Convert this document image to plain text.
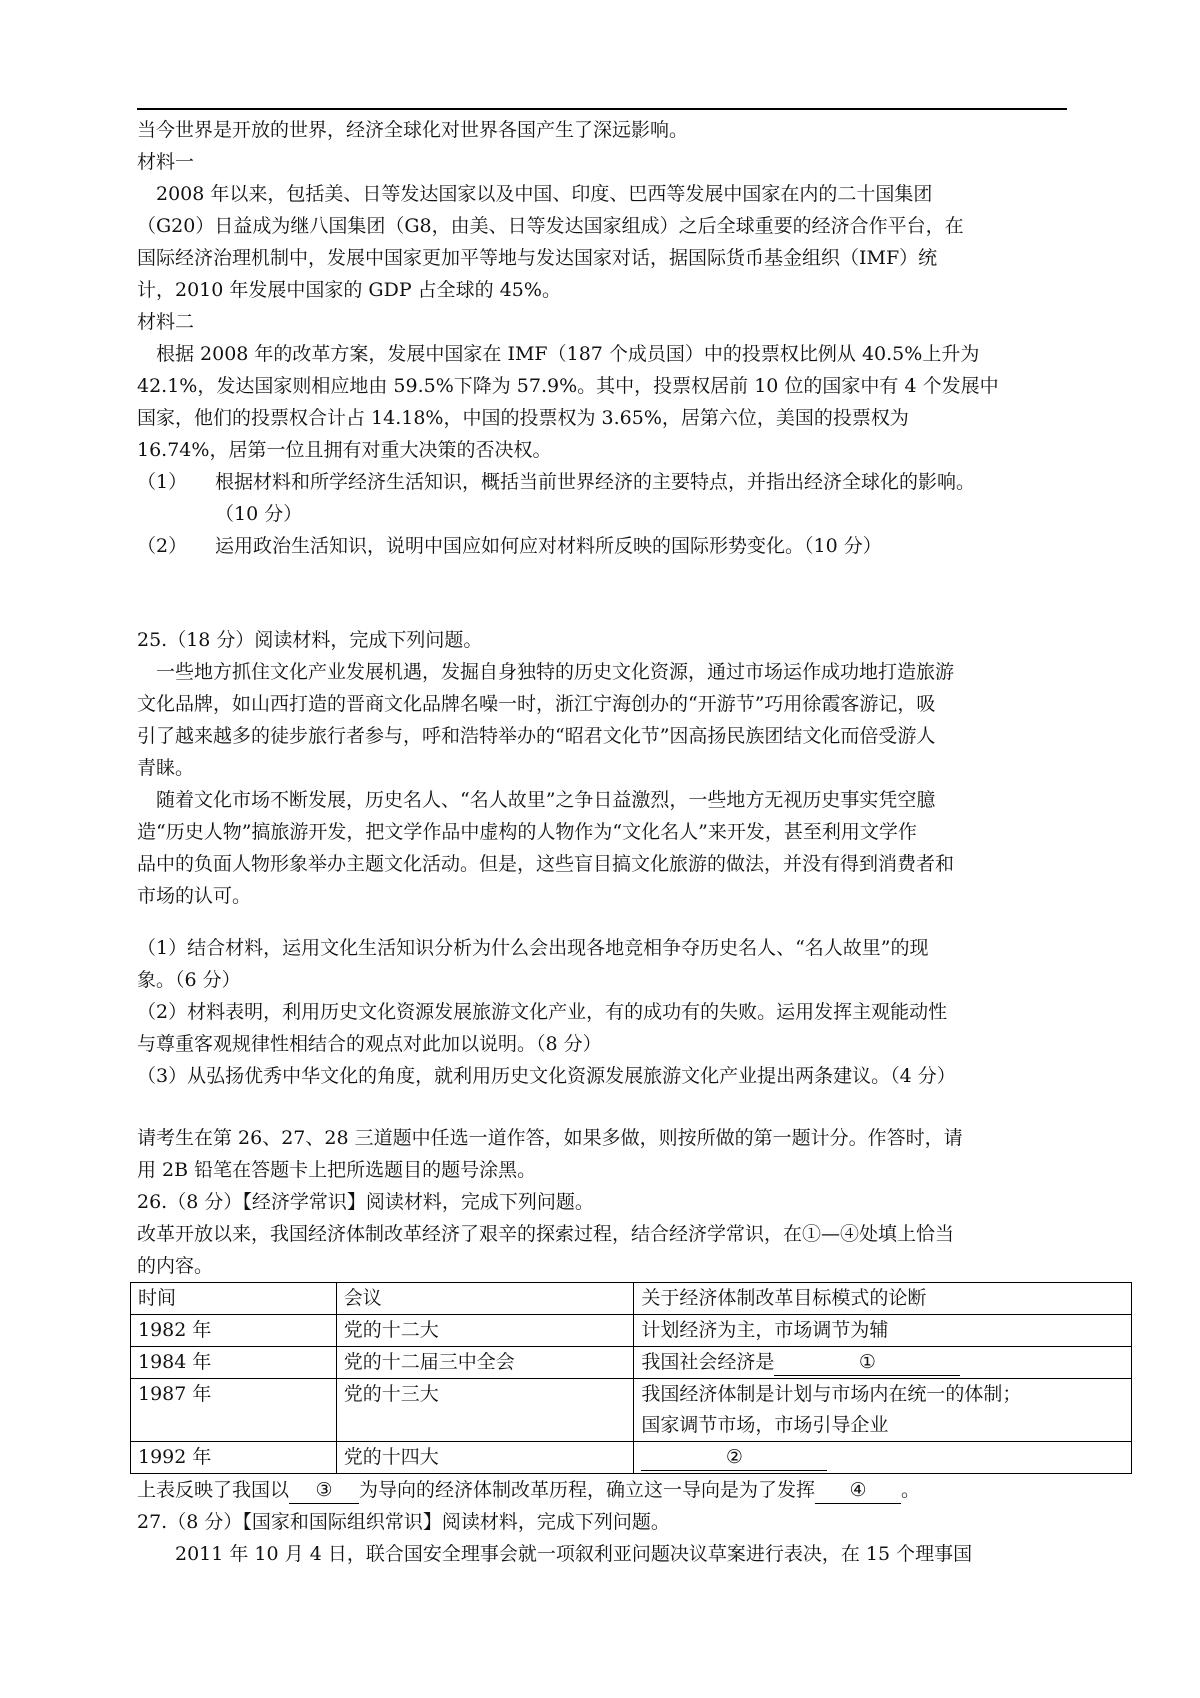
当今世界是开放的世界，经济全球化对世界各国产生了深远影响。

材料一

2008 年以来，包括美、日等发达国家以及中国、印度、巴西等发展中国家在内的二十国集团

（G20）日益成为继八国集团（G8，由美、日等发达国家组成）之后全球重要的经济合作平台，在

国际经济治理机制中，发展中国家更加平等地与发达国家对话，据国际货币基金组织（IMF）统

计，2010 年发展中国家的 GDP 占全球的 45%。

材料二

根据 2008 年的改革方案，发展中国家在 IMF（187 个成员国）中的投票权比例从 40.5%上升为

42.1%，发达国家则相应地由 59.5%下降为 57.9%。其中，投票权居前 10 位的国家中有 4 个发展中

国家，他们的投票权合计占 14.18%，中国的投票权为 3.65%，居第六位，美国的投票权为

16.74%，居第一位且拥有对重大决策的否决权。

（1）	根据材料和所学经济生活知识，概括当前世界经济的主要特点，并指出经济全球化的影响。
（10 分）
（2）	运用政治生活知识，说明中国应如何应对材料所反映的国际形势变化。（10 分）

25.（18 分）阅读材料，完成下列问题。

一些地方抓住文化产业发展机遇，发掘自身独特的历史文化资源，通过市场运作成功地打造旅游

文化品牌，如山西打造的晋商文化品牌名噪一时，浙江宁海创办的“开游节”巧用徐霞客游记，吸

引了越来越多的徒步旅行者参与，呼和浩特举办的“昭君文化节”因高扬民族团结文化而倍受游人

青睐。

随着文化市场不断发展，历史名人、“名人故里”之争日益激烈，一些地方无视历史事实凭空臆

造“历史人物”搞旅游开发，把文学作品中虚构的人物作为“文化名人”来开发，甚至利用文学作

品中的负面人物形象举办主题文化活动。但是，这些盲目搞文化旅游的做法，并没有得到消费者和

市场的认可。

（1）结合材料，运用文化生活知识分析为什么会出现各地竞相争夺历史名人、“名人故里”的现

象。（6 分）

（2）材料表明，利用历史文化资源发展旅游文化产业，有的成功有的失败。运用发挥主观能动性

与尊重客观规律性相结合的观点对此加以说明。（8 分）

（3）从弘扬优秀中华文化的角度，就利用历史文化资源发展旅游文化产业提出两条建议。（4 分）

请考生在第 26、27、28 三道题中任选一道作答，如果多做，则按所做的第一题计分。作答时，请

用 2B 铅笔在答题卡上把所选题目的题号涂黑。

26.（8 分）【经济学常识】阅读材料，完成下列问题。

改革开放以来，我国经济体制改革经济了艰辛的探索过程，结合经济学常识，在①—④处填上恰当

的内容。

时间	会议	关于经济体制改革目标模式的论断
1982 年	党的十二大	计划经济为主，市场调节为辅
1984 年	党的十二届三中全会	我国社会经济是 ①
1987 年	党的十三大	我国经济体制是计划与市场内在统一的体制；
国家调节市场，市场引导企业

1992 年	党的十四大	②

上表反映了我国以 ③ 为导向的经济体制改革历程，确立这一导向是为了发挥 ④ 。

27.（8 分）【国家和国际组织常识】阅读材料，完成下列问题。

2011 年 10 月 4 日，联合国安全理事会就一项叙利亚问题决议草案进行表决，在 15 个理事国
